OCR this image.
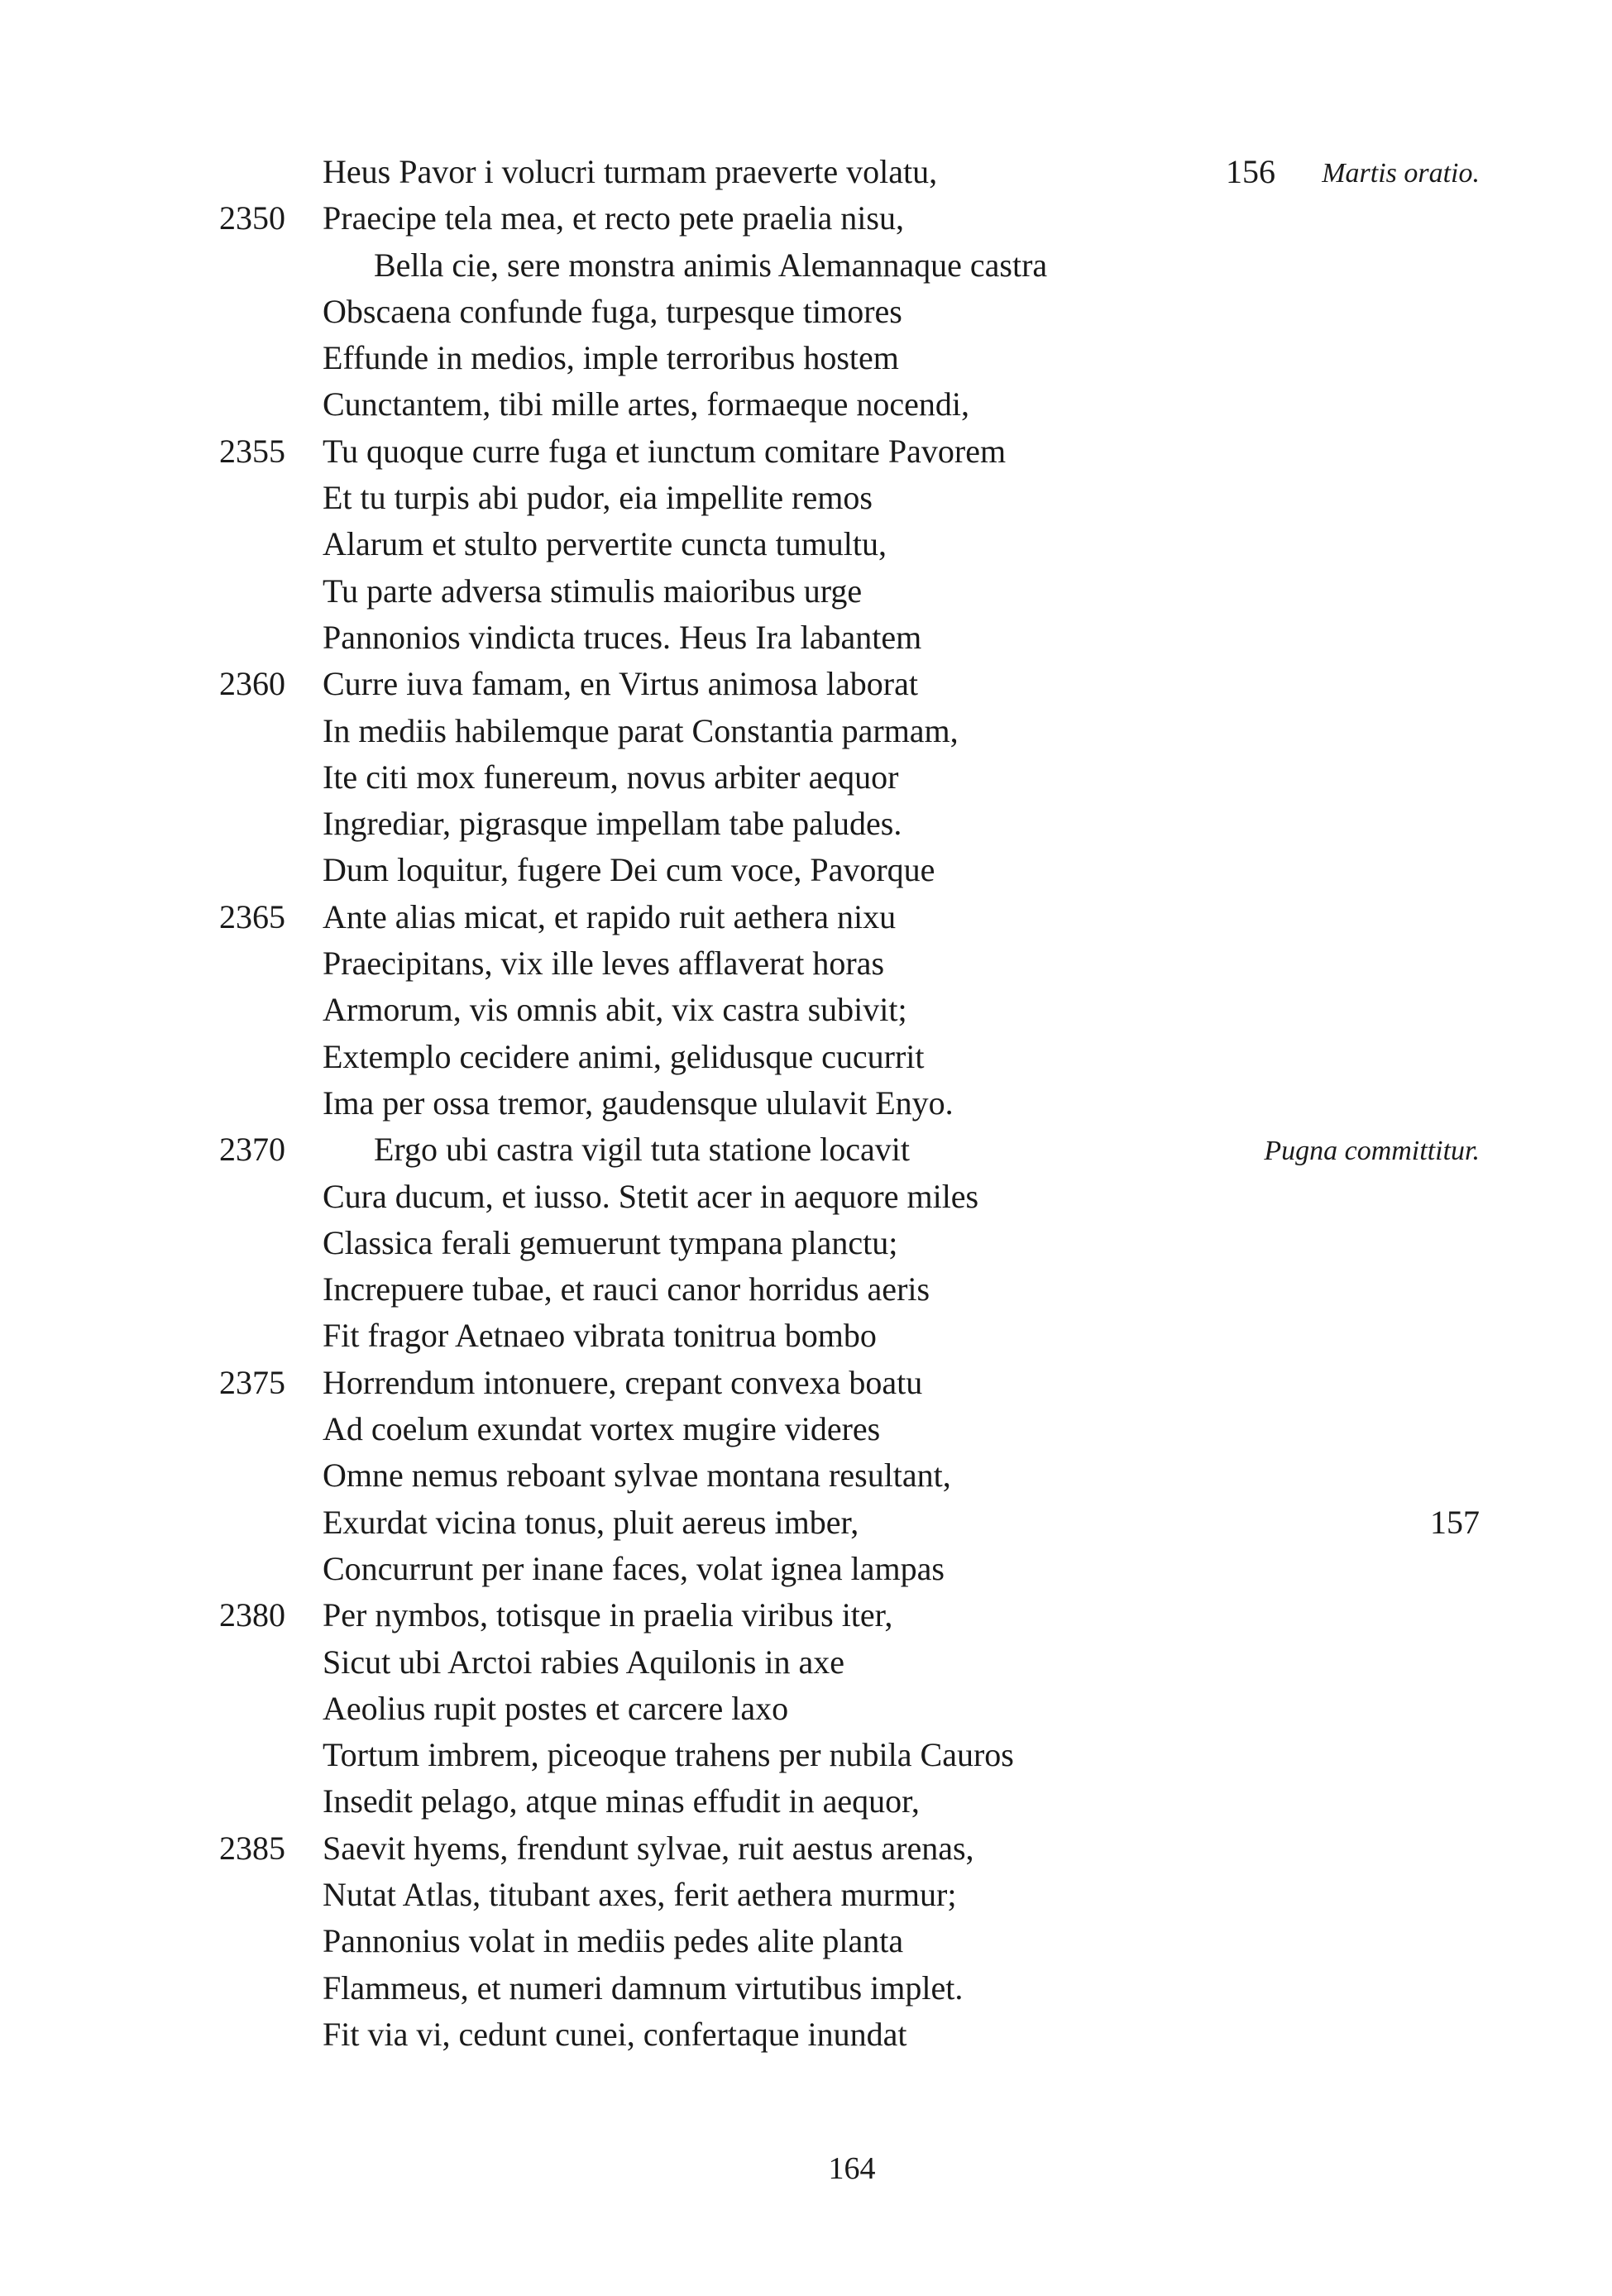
Heus Pavor i volucri turmam praeverte volatu,	156 Martis oratio.
2350 Praecipe tela mea, et recto pete praelia nisu,
Bella cie, sere monstra animis Alemannaque castra
Obscaena confunde fuga, turpesque timores
Effunde in medios, imple terroribus hostem
Cunctantem, tibi mille artes, formaeque nocendi,
2355 Tu quoque curre fuga et iunctum comitare Pavorem
Et tu turpis abi pudor, eia impellite remos
Alarum et stulto pervertite cuncta tumultu,
Tu parte adversa stimulis maioribus urge
Pannonios vindicta truces. Heus Ira labantem
2360 Curre iuva famam, en Virtus animosa laborat
In mediis habilemque parat Constantia parmam,
Ite citi mox funereum, novus arbiter aequor
Ingrediar, pigrasque impellam tabe paludes.
Dum loquitur, fugere Dei cum voce, Pavorque
2365 Ante alias micat, et rapido ruit aethera nixu
Praecipitans, vix ille leves afflaverat horas
Armorum, vis omnis abit, vix castra subivit;
Extemplo cecidere animi, gelidusque cucurrit
Ima per ossa tremor, gaudensque ululavit Enyo.
2370	Ergo ubi castra vigil tuta statione locavit	Pugna committitur.
Cura ducum, et iusso. Stetit acer in aequore miles
Classica ferali gemuerunt tympana planctu;
Increpuere tubae, et rauci canor horridus aeris
Fit fragor Aetnaeo vibrata tonitrua bombo
2375 Horrendum intonuere, crepant convexa boatu
Ad coelum exundat vortex mugire videres
Omne nemus reboant sylvae montana resultant,
Exurdat vicina tonus, pluit aereus imber,	157
Concurrunt per inane faces, volat ignea lampas
2380 Per nymbos, totisque in praelia viribus iter,
Sicut ubi Arctoi rabies Aquilonis in axe
Aeolius rupit postes et carcere laxo
Tortum imbrem, piceoque trahens per nubila Cauros
Insedit pelago, atque minas effudit in aequor,
2385 Saevit hyems, frendunt sylvae, ruit aestus arenas,
Nutat Atlas, titubant axes, ferit aethera murmur;
Pannonius volat in mediis pedes alite planta
Flammeus, et numeri damnum virtutibus implet.
Fit via vi, cedunt cunei, confertaque inundat
164
